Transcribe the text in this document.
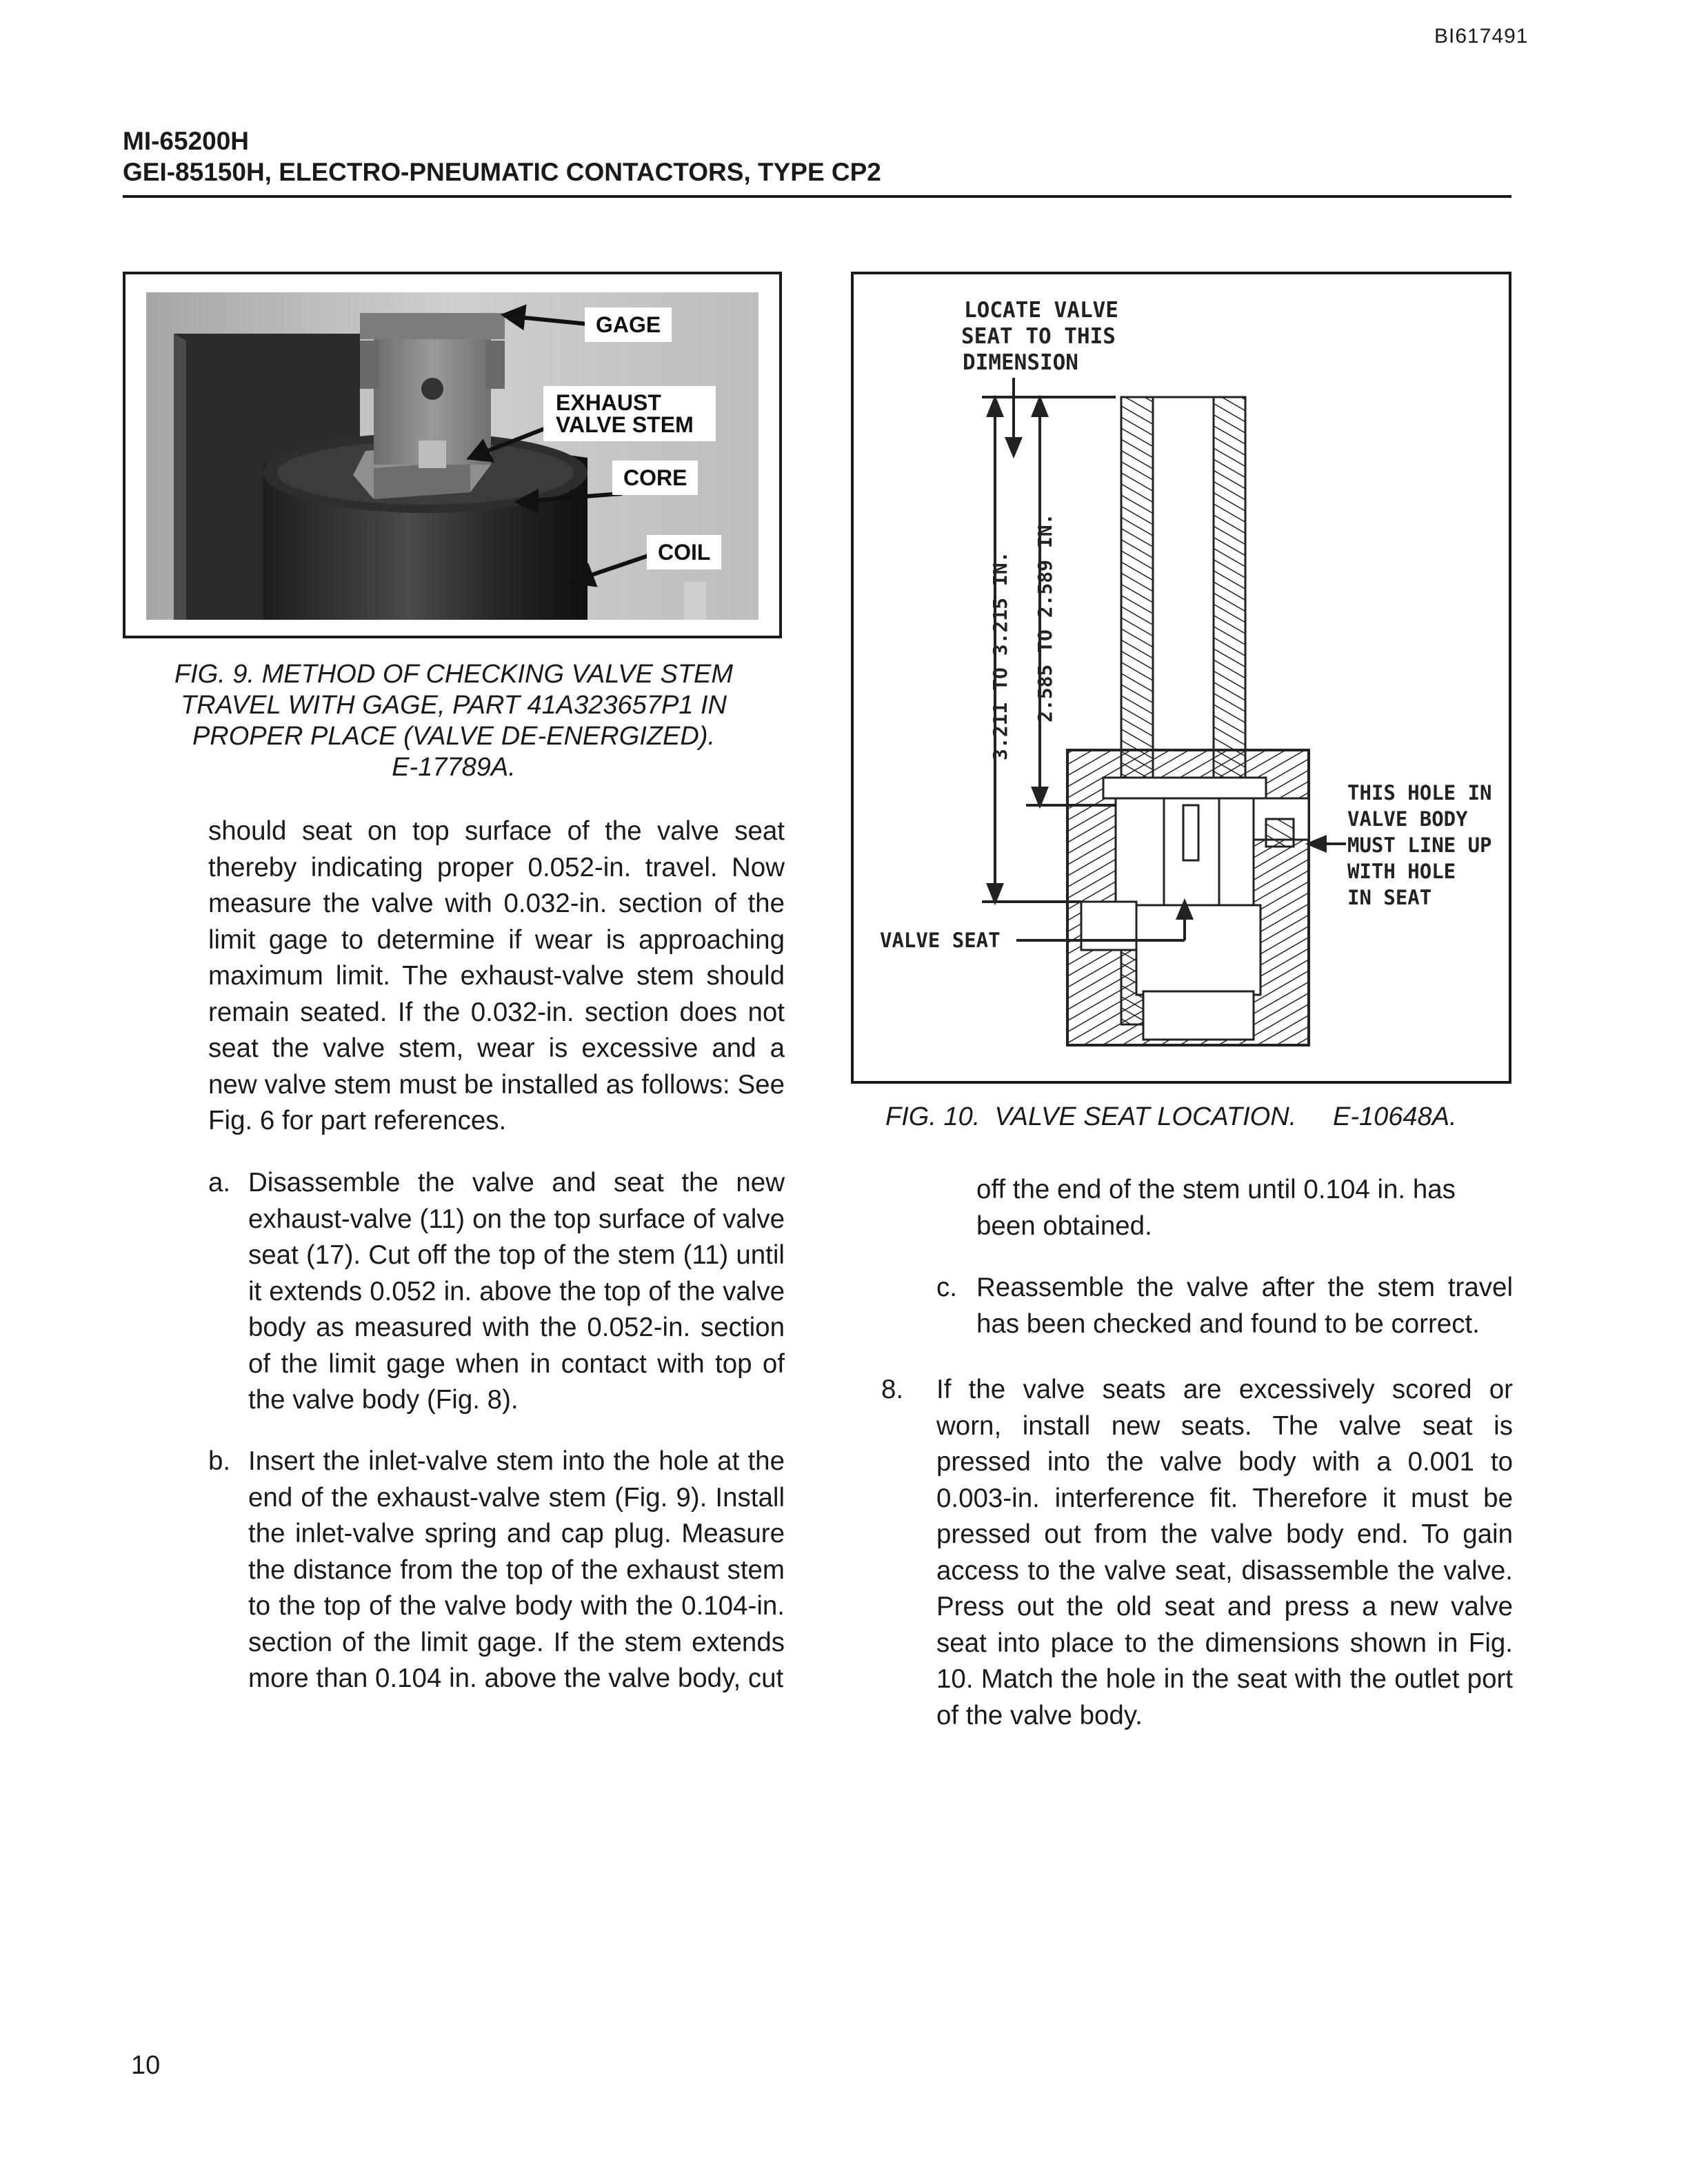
BI617491
MI-65200H
GEI-85150H, ELECTRO-PNEUMATIC CONTACTORS, TYPE CP2
GAGE
EXHAUST
VALVE STEM
CORE
COIL
FIG. 9. METHOD OF CHECKING VALVE STEM
TRAVEL WITH GAGE, PART 41A323657P1 IN
PROPER PLACE (VALVE DE-ENERGIZED).
E-17789A.
LOCATE VALVE
SEAT TO THIS
DIMENSION
3.211 TO 3.215 IN. 2.585 TO 2.589 IN.
THIS HOLE IN
VALVE BODY
MUST LINE UP
WITH HOLE
IN SEAT
VALVE SEAT
FIG. 10.  VALVE SEAT LOCATION.     E-10648A.
should seat on top surface of the valve seat thereby indicating proper 0.052-in. travel. Now measure the valve with 0.032-in. section of the limit gage to determine if wear is approaching maximum limit. The exhaust-valve stem should remain seated. If the 0.032-in. section does not seat the valve stem, wear is excessive and a new valve stem must be installed as follows: See Fig. 6 for part references.
a. Disassemble the valve and seat the new exhaust-valve (11) on the top surface of valve seat (17). Cut off the top of the stem (11) until it extends 0.052 in. above the top of the valve body as measured with the 0.052-in. section of the limit gage when in contact with top of the valve body (Fig. 8).
b. Insert the inlet-valve stem into the hole at the end of the exhaust-valve stem (Fig. 9). Install the inlet-valve spring and cap plug. Measure the distance from the top of the exhaust stem to the top of the valve body with the 0.104-in. section of the limit gage. If the stem extends more than 0.104 in. above the valve body, cut
off the end of the stem until 0.104 in. has been obtained.
c. Reassemble the valve after the stem travel has been checked and found to be correct.
8. If the valve seats are excessively scored or worn, install new seats. The valve seat is pressed into the valve body with a 0.001 to 0.003-in. interference fit. Therefore it must be pressed out from the valve body end. To gain access to the valve seat, disassemble the valve. Press out the old seat and press a new valve seat into place to the dimensions shown in Fig. 10. Match the hole in the seat with the outlet port of the valve body.
10
